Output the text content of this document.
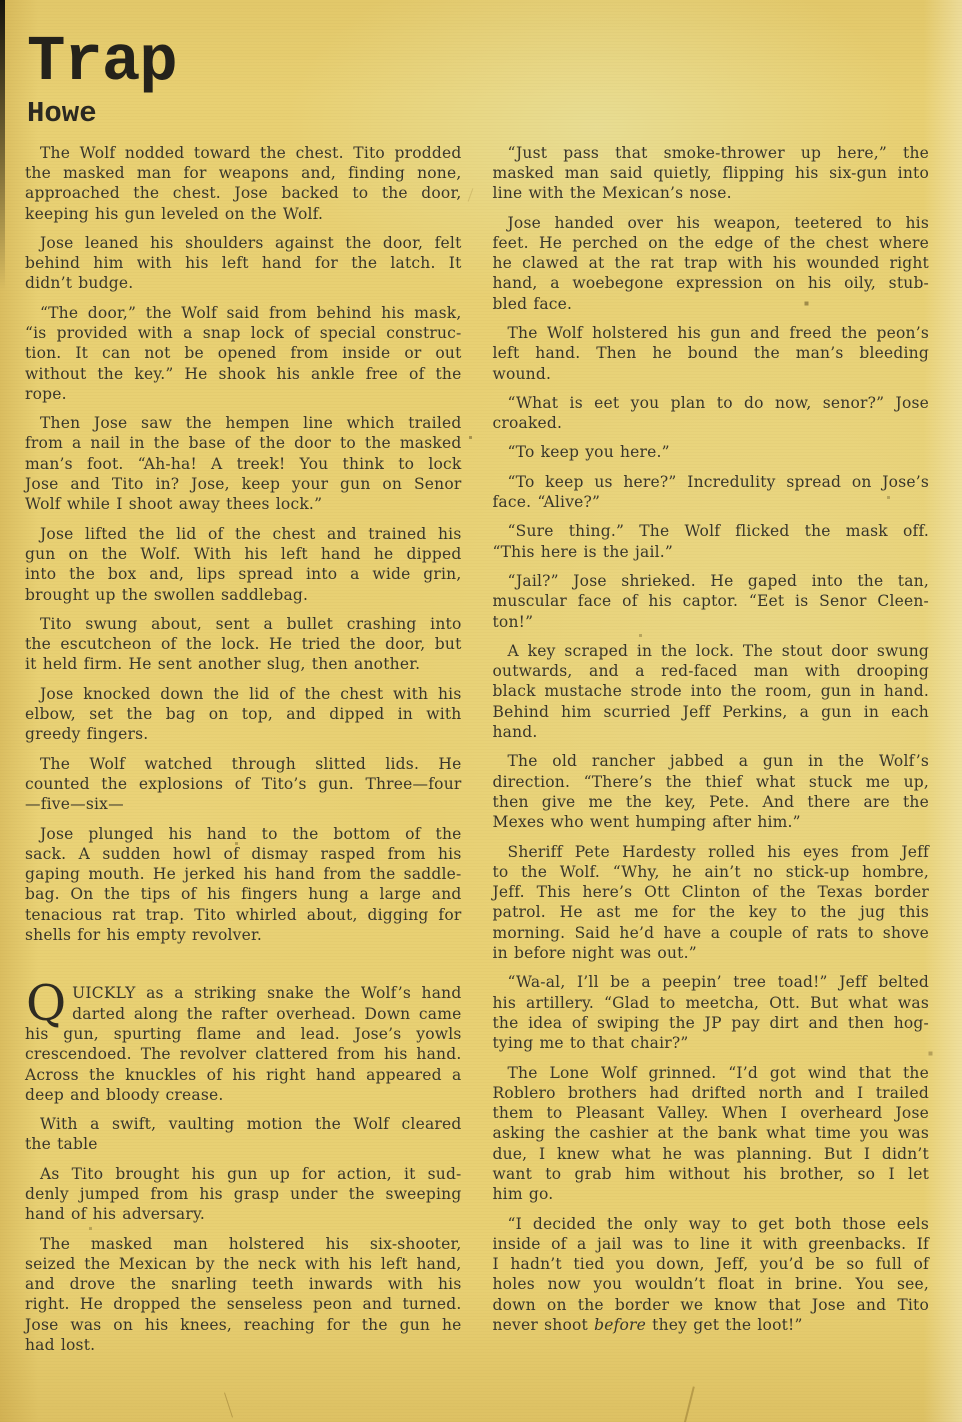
Trap
Howe
The Wolf nodded toward the chest. Tito prodded
the masked man for weapons and, finding none,
approached the chest. Jose backed to the door,
keeping his gun leveled on the Wolf.
Jose leaned his shoulders against the door, felt
behind him with his left hand for the latch. It
didn’t budge.
“The door,” the Wolf said from behind his mask,
“is provided with a snap lock of special construc-
tion. It can not be opened from inside or out
without the key.” He shook his ankle free of the
rope.
Then Jose saw the hempen line which trailed
from a nail in the base of the door to the masked
man’s foot. “Ah-ha! A treek! You think to lock
Jose and Tito in? Jose, keep your gun on Senor
Wolf while I shoot away thees lock.”
Jose lifted the lid of the chest and trained his
gun on the Wolf. With his left hand he dipped
into the box and, lips spread into a wide grin,
brought up the swollen saddlebag.
Tito swung about, sent a bullet crashing into
the escutcheon of the lock. He tried the door, but
it held firm. He sent another slug, then another.
Jose knocked down the lid of the chest with his
elbow, set the bag on top, and dipped in with
greedy fingers.
The Wolf watched through slitted lids. He
counted the explosions of Tito’s gun. Three—four
—five—six—
Jose plunged his hand to the bottom of the
sack. A sudden howl of dismay rasped from his
gaping mouth. He jerked his hand from the saddle-
bag. On the tips of his fingers hung a large and
tenacious rat trap. Tito whirled about, digging for
shells for his empty revolver.
Q UICKLY as a striking snake the Wolf’s hand
darted along the rafter overhead. Down came
his gun, spurting flame and lead. Jose’s yowls
crescendoed. The revolver clattered from his hand.
Across the knuckles of his right hand appeared a
deep and bloody crease.
With a swift, vaulting motion the Wolf cleared
the table
As Tito brought his gun up for action, it sud-
denly jumped from his grasp under the sweeping
hand of his adversary.
The masked man holstered his six-shooter,
seized the Mexican by the neck with his left hand,
and drove the snarling teeth inwards with his
right. He dropped the senseless peon and turned.
Jose was on his knees, reaching for the gun he
had lost.
“Just pass that smoke-thrower up here,” the
masked man said quietly, flipping his six-gun into
line with the Mexican’s nose.
Jose handed over his weapon, teetered to his
feet. He perched on the edge of the chest where
he clawed at the rat trap with his wounded right
hand, a woebegone expression on his oily, stub-
bled face.
The Wolf holstered his gun and freed the peon’s
left hand. Then he bound the man’s bleeding
wound.
“What is eet you plan to do now, senor?” Jose
croaked.
“To keep you here.”
“To keep us here?” Incredulity spread on Jose’s
face. “Alive?”
“Sure thing.” The Wolf flicked the mask off.
“This here is the jail.”
“Jail?” Jose shrieked. He gaped into the tan,
muscular face of his captor. “Eet is Senor Cleen-
ton!”
A key scraped in the lock. The stout door swung
outwards, and a red-faced man with drooping
black mustache strode into the room, gun in hand.
Behind him scurried Jeff Perkins, a gun in each
hand.
The old rancher jabbed a gun in the Wolf’s
direction. “There’s the thief what stuck me up,
then give me the key, Pete. And there are the
Mexes who went humping after him.”
Sheriff Pete Hardesty rolled his eyes from Jeff
to the Wolf. “Why, he ain’t no stick-up hombre,
Jeff. This here’s Ott Clinton of the Texas border
patrol. He ast me for the key to the jug this
morning. Said he’d have a couple of rats to shove
in before night was out.”
“Wa-al, I’ll be a peepin’ tree toad!” Jeff belted
his artillery. “Glad to meetcha, Ott. But what was
the idea of swiping the JP pay dirt and then hog-
tying me to that chair?”
The Lone Wolf grinned. “I’d got wind that the
Roblero brothers had drifted north and I trailed
them to Pleasant Valley. When I overheard Jose
asking the cashier at the bank what time you was
due, I knew what he was planning. But I didn’t
want to grab him without his brother, so I let
him go.
“I decided the only way to get both those eels
inside of a jail was to line it with greenbacks. If
I hadn’t tied you down, Jeff, you’d be so full of
holes now you wouldn’t float in brine. You see,
down on the border we know that Jose and Tito
never shoot before they get the loot!”
